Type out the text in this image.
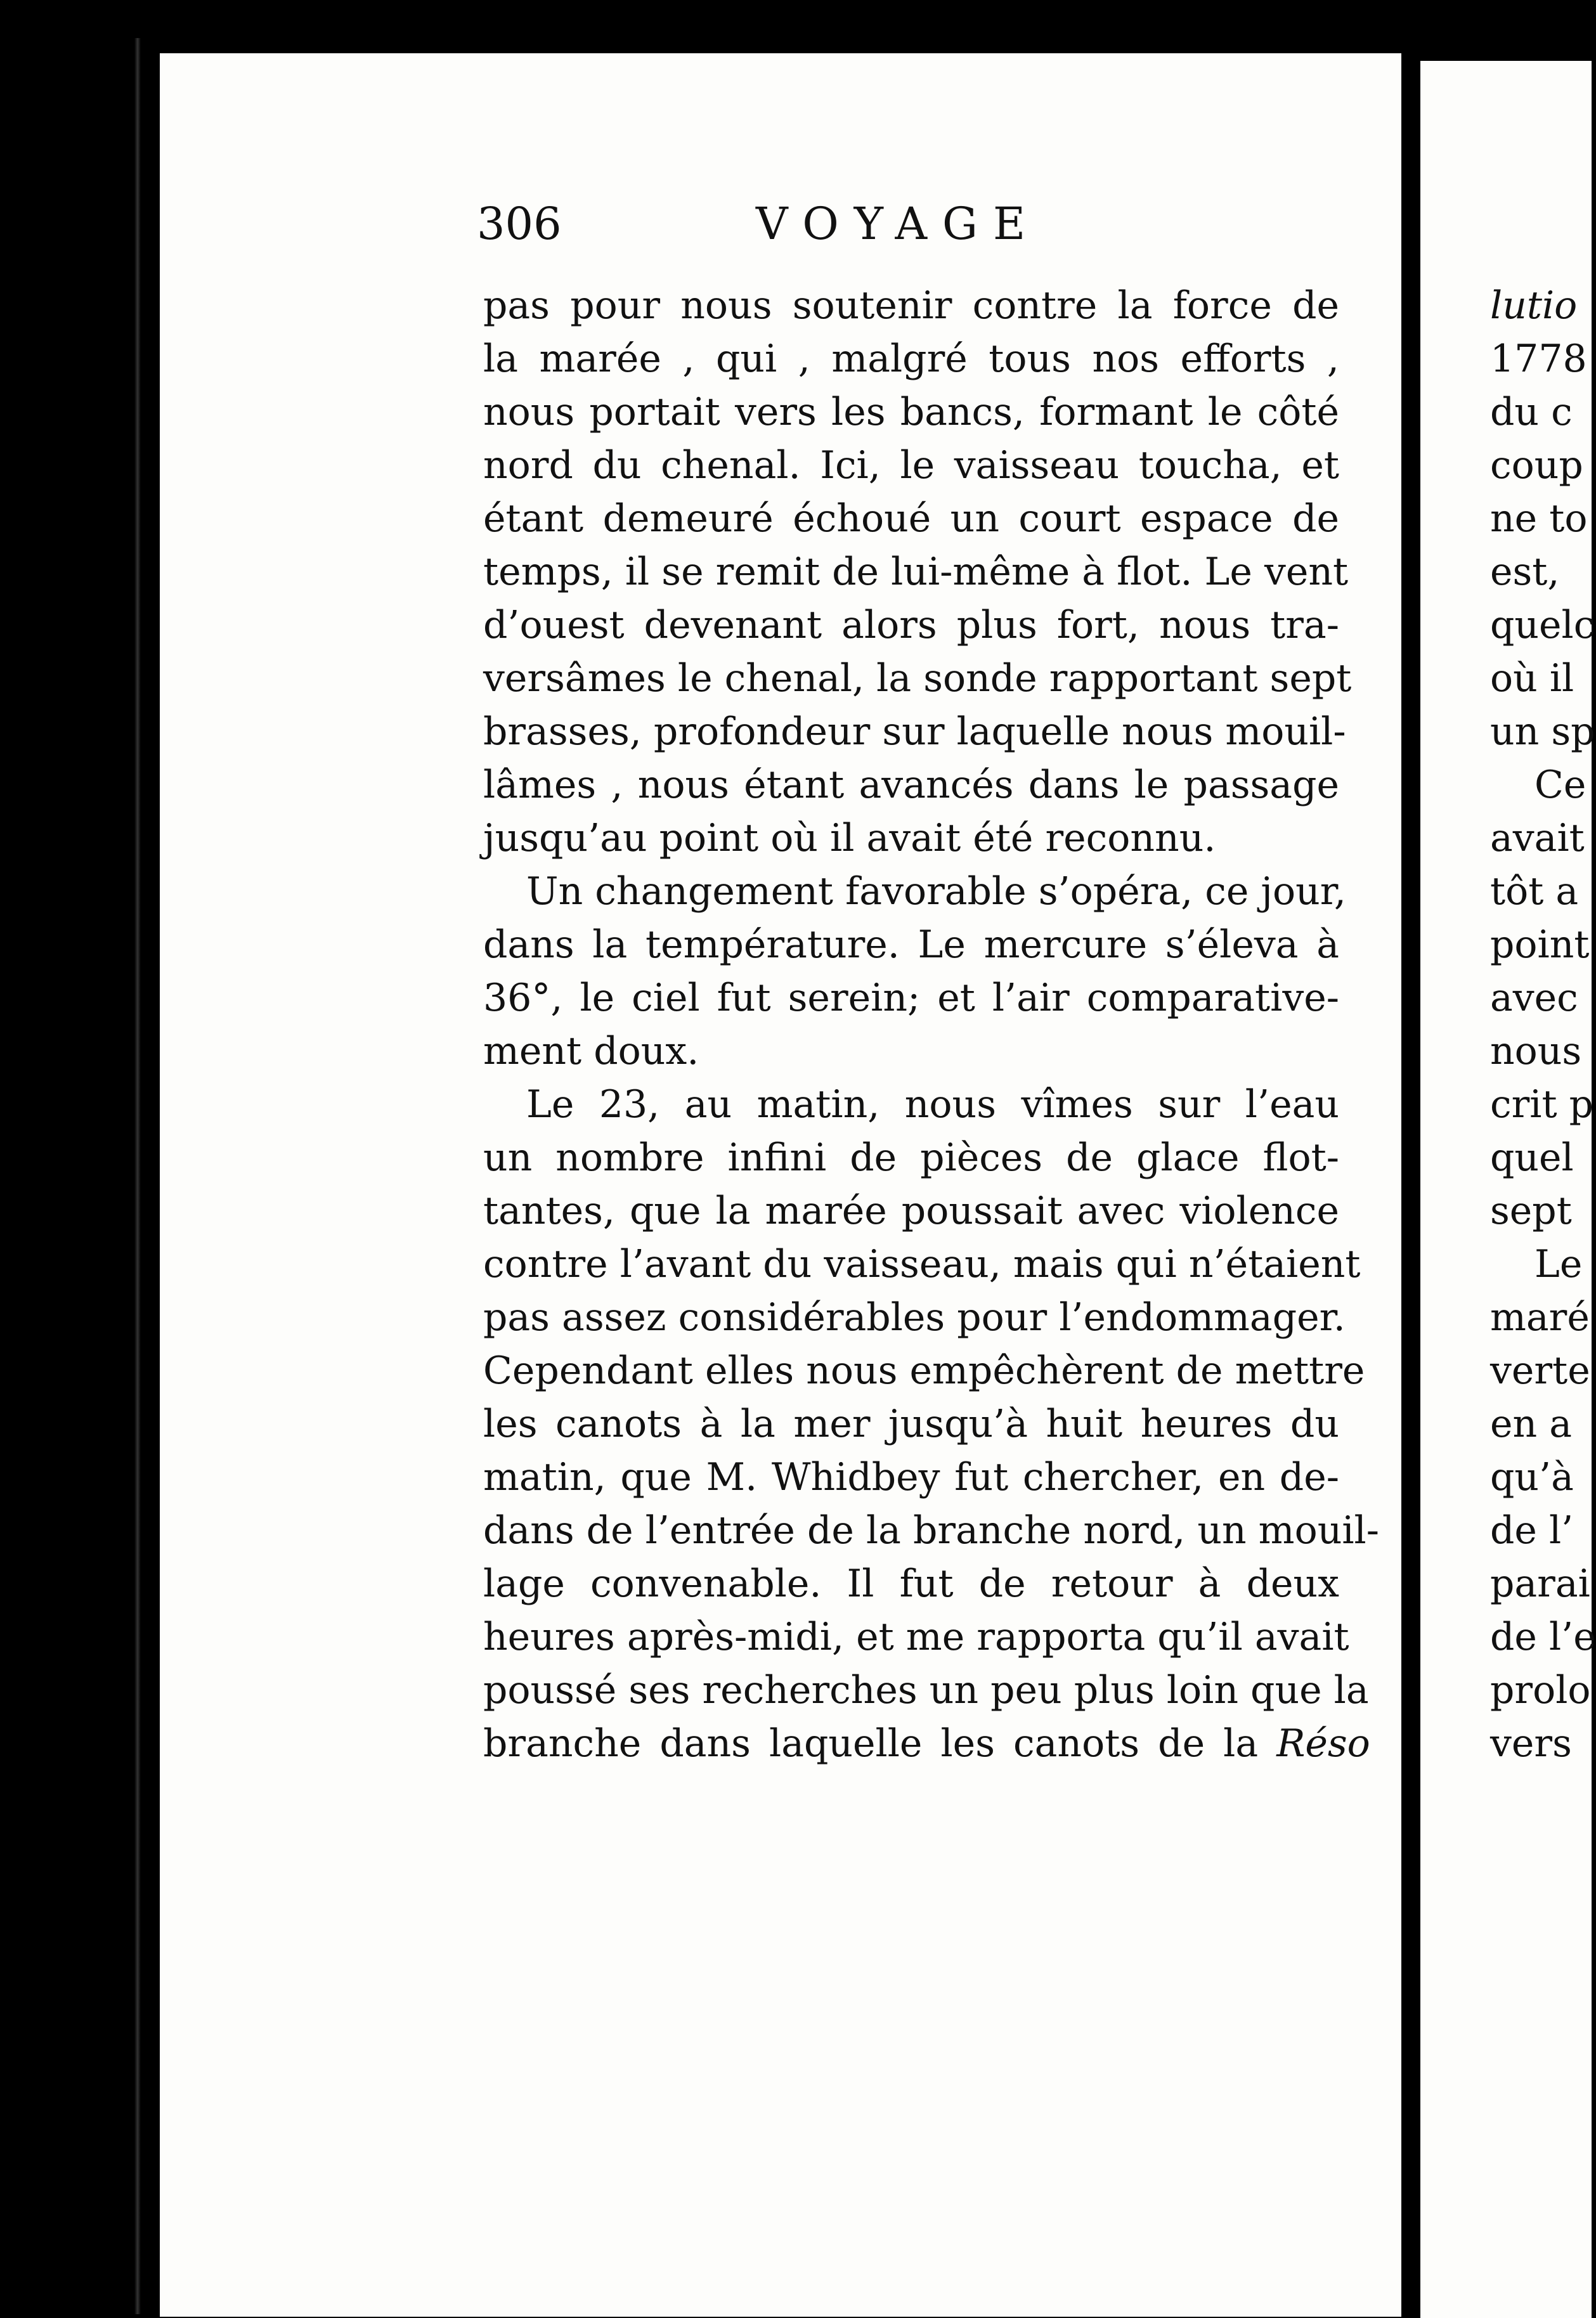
306	VOYAGE
pas pour nous soutenir contre la force de
la marée , qui , malgré tous nos efforts ,
nous portait vers les bancs, formant le côté
nord du chenal. Ici, le vaisseau toucha, et
étant demeuré échoué un court espace de
temps, il se remit de lui-même à flot. Le vent
d’ouest devenant alors plus fort, nous tra-
versâmes le chenal, la sonde rapportant sept
brasses, profondeur sur laquelle nous mouil-
lâmes , nous étant avancés dans le passage
jusqu’au point où il avait été reconnu.
Un changement favorable s’opéra, ce jour,
dans la température. Le mercure s’éleva à
36°, le ciel fut serein; et l’air comparative-
ment doux.
Le 23, au matin, nous vîmes sur l’eau
un nombre infini de pièces de glace flot-
tantes, que la marée poussait avec violence
contre l’avant du vaisseau, mais qui n’étaient
pas assez considérables pour l’endommager.
Cependant elles nous empêchèrent de mettre
les canots à la mer jusqu’à huit heures du
matin, que M. Whidbey fut chercher, en de-
dans de l’entrée de la branche nord, un mouil-
lage convenable. Il fut de retour à deux
heures après-midi, et me rapporta qu’il avait
poussé ses recherches un peu plus loin que la
branche dans laquelle les canots de la Réso
lutio
1778
du c
coup
ne to
est,
quelc
où il
un sp
Ce
avait
tôt a
point
avec
nous
crit p
quel
sept
Le
maré
verte
en a
qu’à
de l’
parai
de l’e
prolo
vers
